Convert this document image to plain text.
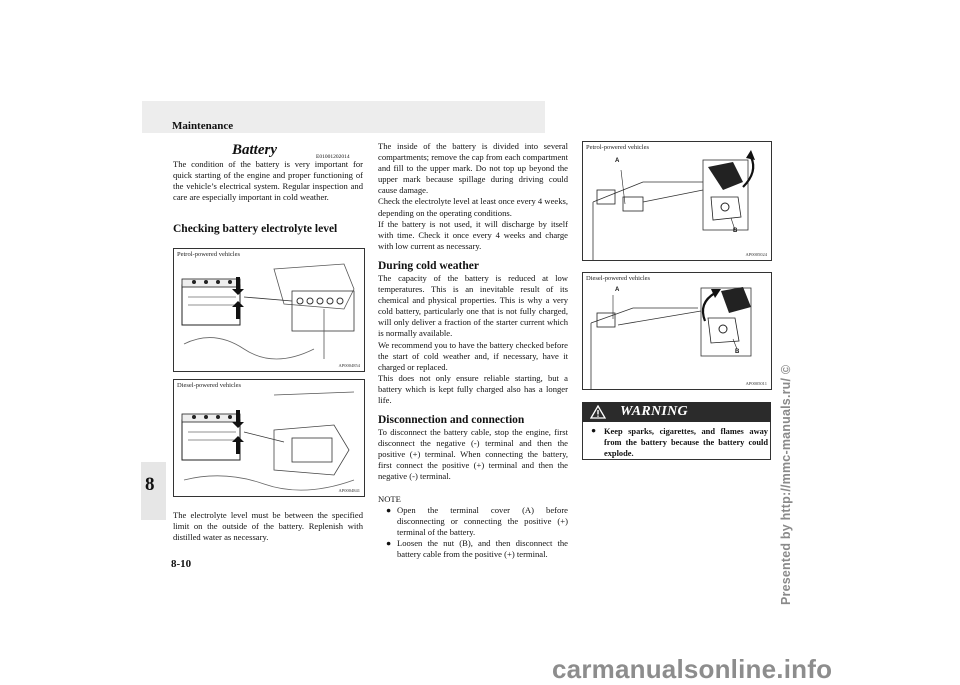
Maintenance
8
8-10	Presented by http://mmc-manuals.ru/ ©
carmanualsonline.info
Battery	E01001202014
The condition of the battery is very important for quick starting of the engine and proper functioning of the vehicle’s electrical system. Regular inspection and care are especially important in cold weather.
Checking battery electrolyte level
Petrol-powered vehicles
AP0004854
Diesel-powered vehicles
AP0004841
The electrolyte level must be between the specified limit on the outside of the battery. Replenish with distilled water as necessary.

The inside of the battery is divided into several compartments; remove the cap from each compartment and fill to the upper mark. Do not top up beyond the upper mark because spillage during driving could cause damage.

Check the electrolyte level at least once every 4 weeks, depending on the operating conditions.

If the battery is not used, it will discharge by itself with time. Check it once every 4 weeks and charge with low current as necessary.

During cold weather

The capacity of the battery is reduced at low temperatures. This is an inevitable result of its chemical and physical properties. This is why a very cold battery, particularly one that is not fully charged, will only deliver a fraction of the starter current which is normally available.

We recommend you to have the battery checked before the start of cold weather and, if necessary, have it charged or replaced.

This does not only ensure reliable starting, but a battery which is kept fully charged also has a longer life.

Disconnection and connection

To disconnect the battery cable, stop the engine, first disconnect the negative (-) terminal and then the positive (+) terminal. When connecting the battery, first connect the positive (+) terminal and then the negative (-) terminal.

NOTE

● Open the terminal cover (A) before disconnecting or connecting the positive (+) terminal of the battery.
● Loosen the nut (B), and then disconnect the battery cable from the positive (+) terminal.
Petrol-powered vehicles
A
B
AP0005024
Diesel-powered vehicles
A
B
AP0005011
WARNING
● Keep sparks, cigarettes, and flames away from the battery because the battery could explode.
